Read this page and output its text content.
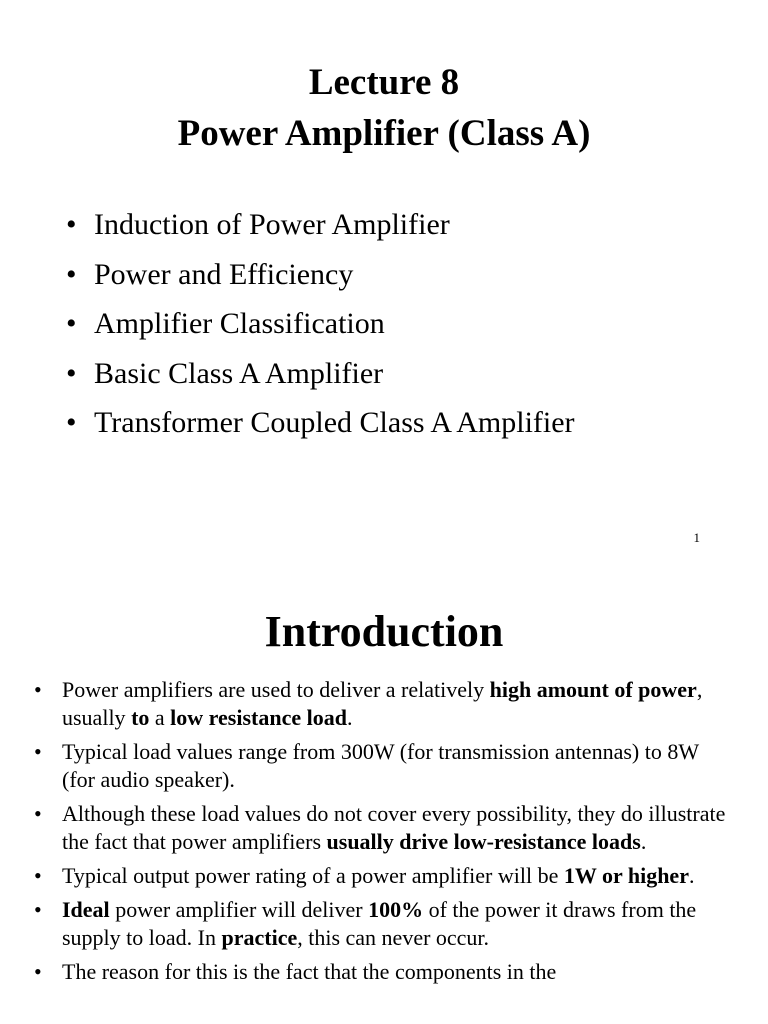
Lecture 8
Power Amplifier (Class A)
• Induction of Power Amplifier
• Power and Efficiency
• Amplifier Classification
• Basic Class A Amplifier
• Transformer Coupled Class A Amplifier
1
Introduction
• Power amplifiers are used to deliver a relatively high amount of power, usually to a low resistance load.
• Typical load values range from 300W (for transmission antennas) to 8W (for audio speaker).
• Although these load values do not cover every possibility, they do illustrate the fact that power amplifiers usually drive low-resistance loads.
• Typical output power rating of a power amplifier will be 1W or higher.
• Ideal power amplifier will deliver 100% of the power it draws from the supply to load. In practice, this can never occur.
• The reason for this is the fact that the components in the
